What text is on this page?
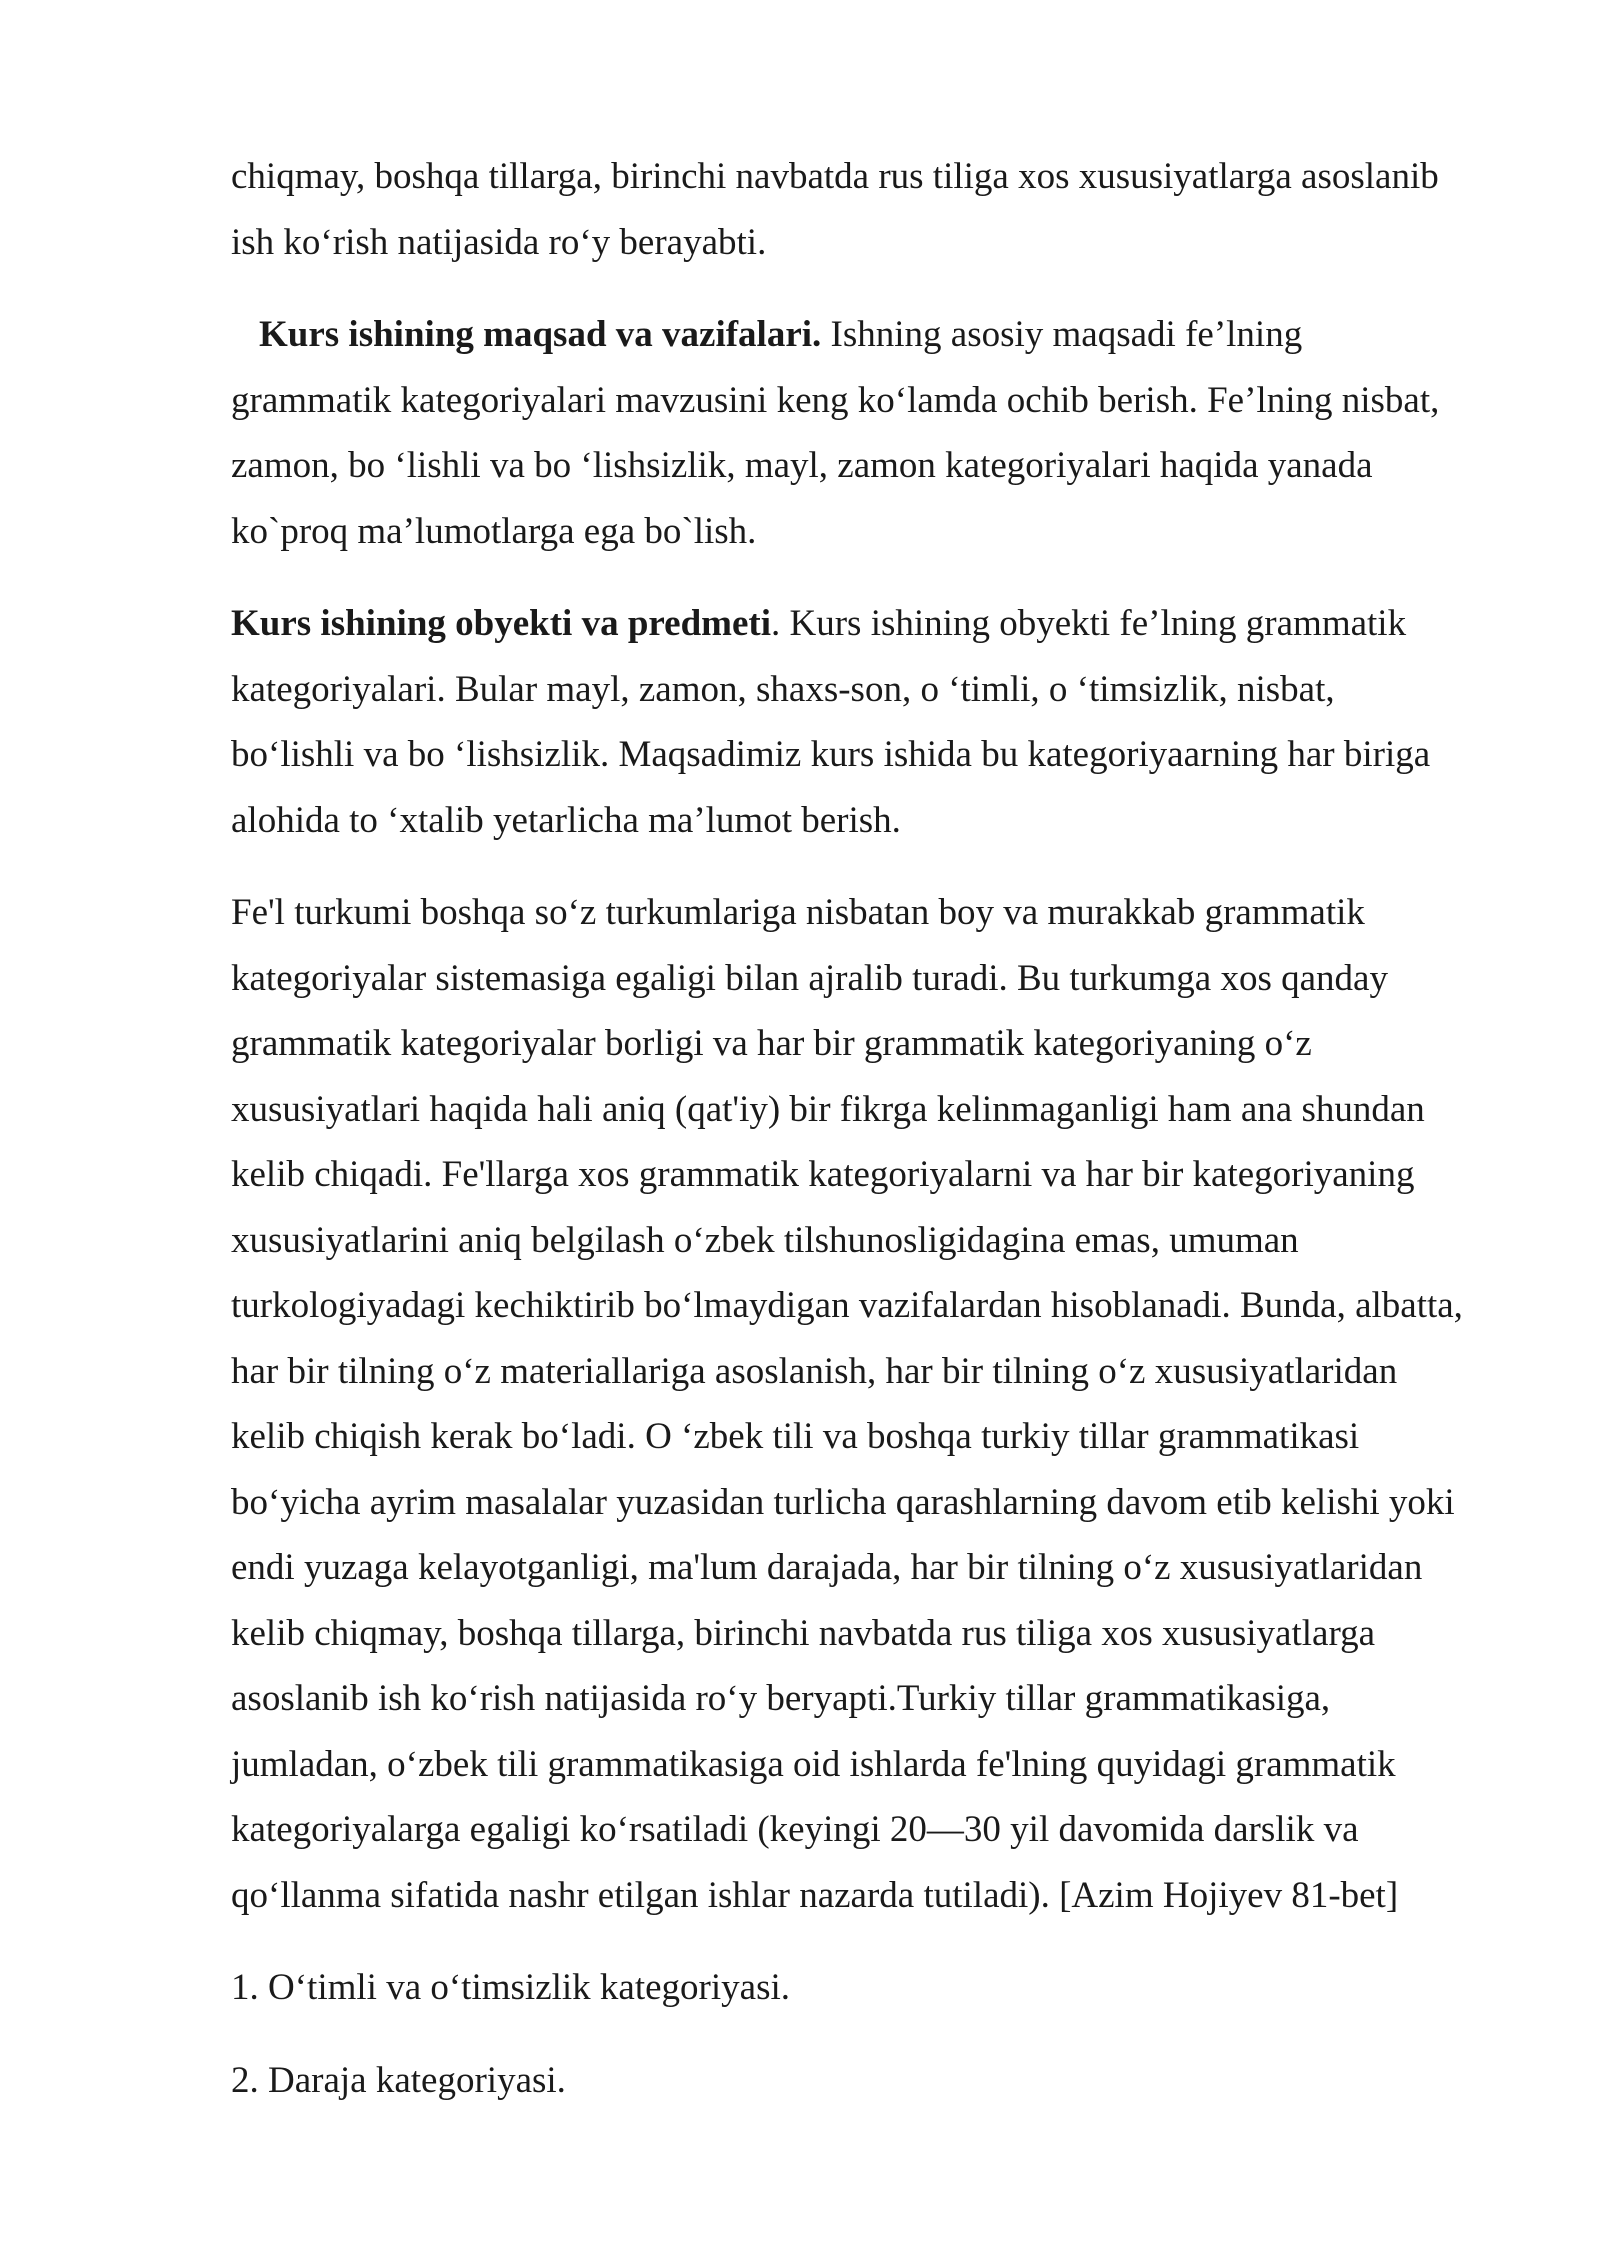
chiqmay, boshqa tillarga, birinchi navbatda rus tiliga xos xususiyatlarga asoslanib
ish ko‘rish natijasida ro‘y berayabti.

Kurs ishining maqsad va vazifalari. Ishning asosiy maqsadi fe’lning
grammatik kategoriyalari mavzusini keng ko‘lamda ochib berish. Fe’lning nisbat,
zamon, bo ‘lishli va bo ‘lishsizlik, mayl, zamon kategoriyalari haqida yanada
ko`proq ma’lumotlarga ega bo`lish.

Kurs ishining obyekti va predmeti. Kurs ishining obyekti fe’lning grammatik
kategoriyalari. Bular mayl, zamon, shaxs-son, o ‘timli, o ‘timsizlik, nisbat,
bo‘lishli va bo ‘lishsizlik. Maqsadimiz kurs ishida bu kategoriyaarning har biriga
alohida to ‘xtalib yetarlicha ma’lumot berish.

Fe'l turkumi boshqa so‘z turkumlariga nisbatan boy va murakkab grammatik
kategoriyalar sistemasiga egaligi bilan ajralib turadi. Bu turkumga xos qanday
grammatik kategoriyalar borligi va har bir grammatik kategoriyaning o‘z
xususiyatlari haqida hali aniq (qat'iy) bir fikrga kelinmaganligi ham ana shundan
kelib chiqadi. Fe'llarga xos grammatik kategoriyalarni va har bir kategoriyaning
xususiyatlarini aniq belgilash o‘zbek tilshunosligidagina emas, umuman
turkologiyadagi kechiktirib bo‘lmaydigan vazifalardan hisoblanadi. Bunda, albatta,
har bir tilning o‘z materiallariga asoslanish, har bir tilning o‘z xususiyatlaridan
kelib chiqish kerak bo‘ladi. O ‘zbek tili va boshqa turkiy tillar grammatikasi
bo‘yicha ayrim masalalar yuzasidan turlicha qarashlarning davom etib kelishi yoki
endi yuzaga kelayotganligi, ma'lum darajada, har bir tilning o‘z xususiyatlaridan
kelib chiqmay, boshqa tillarga, birinchi navbatda rus tiliga xos xususiyatlarga
asoslanib ish ko‘rish natijasida ro‘y beryapti.Turkiy tillar grammatikasiga,
jumladan, o‘zbek tili grammatikasiga oid ishlarda fe'lning quyidagi grammatik
kategoriyalarga egaligi ko‘rsatiladi (keyingi 20—30 yil davomida darslik va
qo‘llanma sifatida nashr etilgan ishlar nazarda tutiladi). [Azim Hojiyev 81-bet]

1. O‘timli va o‘timsizlik kategoriyasi.

2. Daraja kategoriyasi.
